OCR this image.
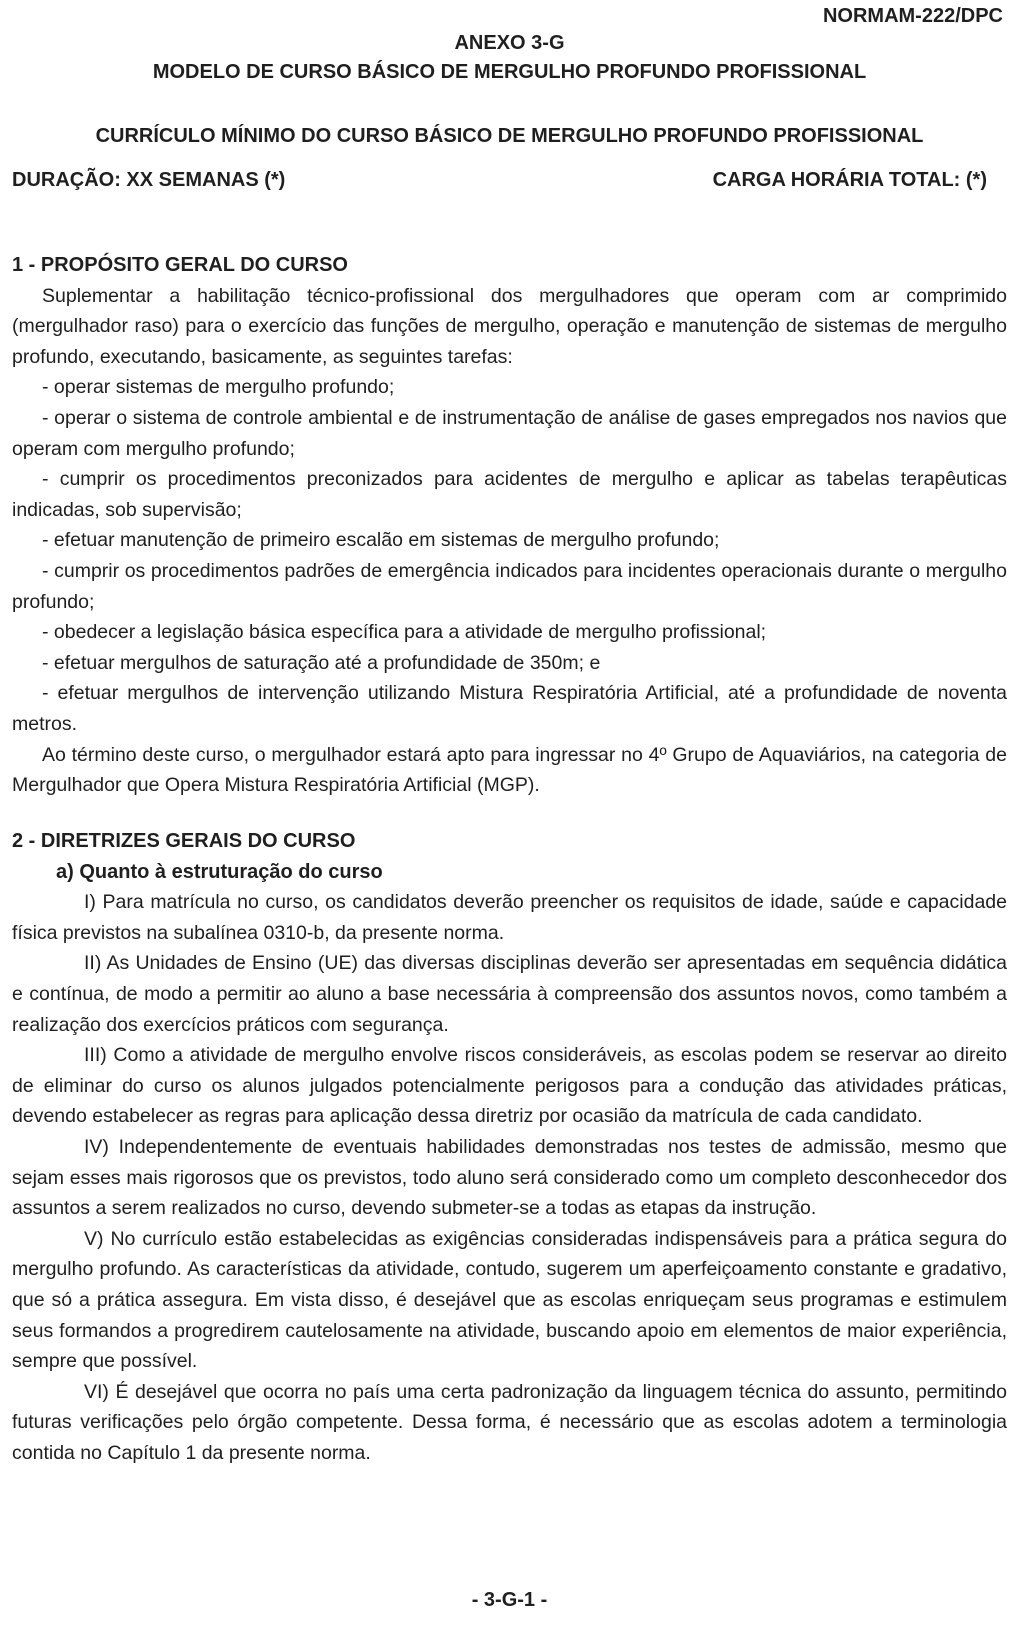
NORMAM-222/DPC
ANEXO 3-G
MODELO DE CURSO BÁSICO DE MERGULHO PROFUNDO PROFISSIONAL
CURRÍCULO MÍNIMO DO CURSO BÁSICO DE MERGULHO PROFUNDO PROFISSIONAL
DURAÇÃO: XX SEMANAS (*)	CARGA HORÁRIA TOTAL: (*)
1 - PROPÓSITO GERAL DO CURSO

Suplementar a habilitação técnico-profissional dos mergulhadores que operam com ar comprimido (mergulhador raso) para o exercício das funções de mergulho, operação e manutenção de sistemas de mergulho profundo, executando, basicamente, as seguintes tarefas:

- operar sistemas de mergulho profundo;

- operar o sistema de controle ambiental e de instrumentação de análise de gases empregados nos navios que operam com mergulho profundo;

- cumprir os procedimentos preconizados para acidentes de mergulho e aplicar as tabelas terapêuticas indicadas, sob supervisão;

- efetuar manutenção de primeiro escalão em sistemas de mergulho profundo;

- cumprir os procedimentos padrões de emergência indicados para incidentes operacionais durante o mergulho profundo;

- obedecer a legislação básica específica para a atividade de mergulho profissional;

- efetuar mergulhos de saturação até a profundidade de 350m; e

- efetuar mergulhos de intervenção utilizando Mistura Respiratória Artificial, até a profundidade de noventa metros.

Ao término deste curso, o mergulhador estará apto para ingressar no 4º Grupo de Aquaviários, na categoria de Mergulhador que Opera Mistura Respiratória Artificial (MGP).

2 - DIRETRIZES GERAIS DO CURSO
a) Quanto à estruturação do curso

I) Para matrícula no curso, os candidatos deverão preencher os requisitos de idade, saúde e capacidade física previstos na subalínea 0310-b, da presente norma.

II) As Unidades de Ensino (UE) das diversas disciplinas deverão ser apresentadas em sequência didática e contínua, de modo a permitir ao aluno a base necessária à compreensão dos assuntos novos, como também a realização dos exercícios práticos com segurança.

III) Como a atividade de mergulho envolve riscos consideráveis, as escolas podem se reservar ao direito de eliminar do curso os alunos julgados potencialmente perigosos para a condução das atividades práticas, devendo estabelecer as regras para aplicação dessa diretriz por ocasião da matrícula de cada candidato.

IV) Independentemente de eventuais habilidades demonstradas nos testes de admissão, mesmo que sejam esses mais rigorosos que os previstos, todo aluno será considerado como um completo desconhecedor dos assuntos a serem realizados no curso, devendo submeter-se a todas as etapas da instrução.

V) No currículo estão estabelecidas as exigências consideradas indispensáveis para a prática segura do mergulho profundo. As características da atividade, contudo, sugerem um aperfeiçoamento constante e gradativo, que só a prática assegura. Em vista disso, é desejável que as escolas enriqueçam seus programas e estimulem seus formandos a progredirem cautelosamente na atividade, buscando apoio em elementos de maior experiência, sempre que possível.

VI) É desejável que ocorra no país uma certa padronização da linguagem técnica do assunto, permitindo futuras verificações pelo órgão competente. Dessa forma, é necessário que as escolas adotem a terminologia contida no Capítulo 1 da presente norma.

- 3-G-1 -
